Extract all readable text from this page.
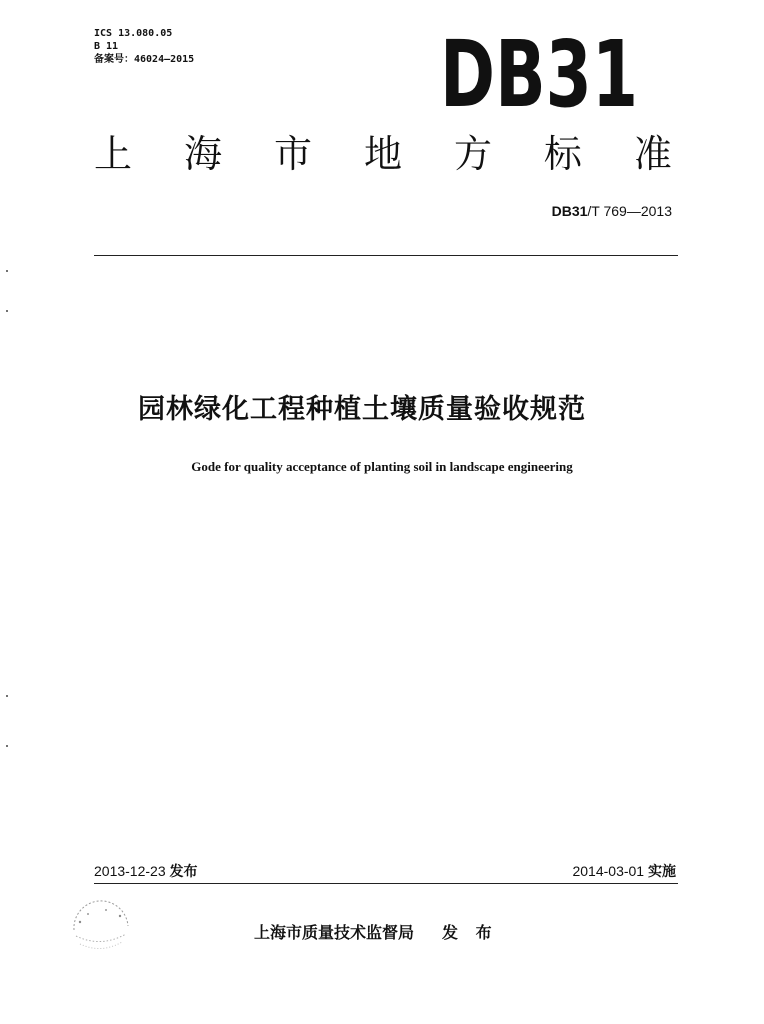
ICS 13.080.05
B 11
备案号：46024—2015	DB31
上 海 市 地 方 标 准
DB31/T 769—2013
园林绿化工程种植土壤质量验收规范
Gode for quality acceptance of planting soil in landscape engineering
2013-12-23 发布	2014-03-01 实施
上海市质量技术监督局 发 布
